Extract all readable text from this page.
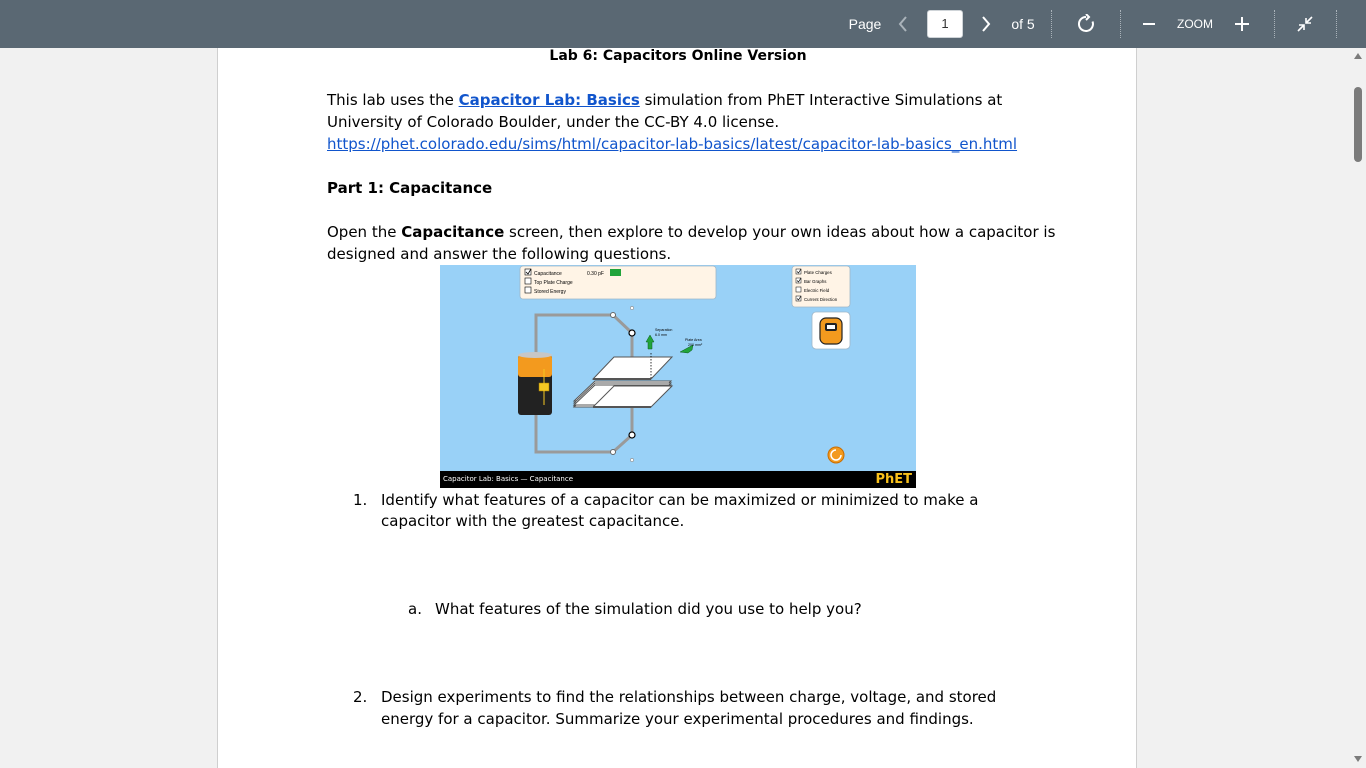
Page	1	of 5	ZOOM
Lab 6: Capacitors Online Version
This lab uses the Capacitor Lab: Basics simulation from PhET Interactive Simulations at
University of Colorado Boulder, under the CC-BY 4.0 license.
https://phet.colorado.edu/sims/html/capacitor-lab-basics/latest/capacitor-lab-basics_en.html
Part 1: Capacitance
Open the Capacitance screen, then explore to develop your own ideas about how a capacitor is
designed and answer the following questions.
Capacitance	0.30 pF
Top Plate Charge
Stored Energy
Plate Charges
Bar Graphs
Electric Field
Current Direction
Separation
6.0 mm
Plate Area
200 mm²
Capacitor Lab: Basics — Capacitance	PhET
1. Identify what features of a capacitor can be maximized or minimized to make a
capacitor with the greatest capacitance.
a. What features of the simulation did you use to help you?
2. Design experiments to find the relationships between charge, voltage, and stored
energy for a capacitor. Summarize your experimental procedures and findings.
